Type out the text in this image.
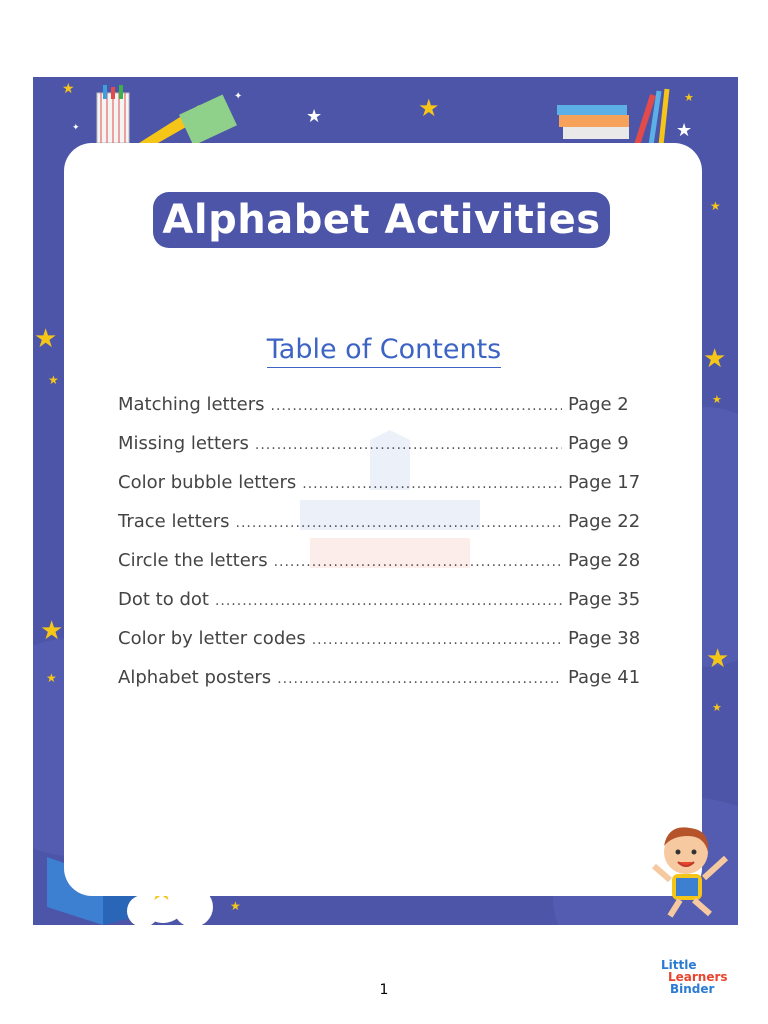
★
✦
✦
★	★	★
★
★
★
★
★
★
★
★
★
★
★
Alphabet Activities
Table of Contents
Matching letters .....	Page 2
Missing letters .....	Page 9
Color bubble letters .....	Page 17
Trace letters .....	Page 22
Circle the letters .....	Page 28
Dot to dot .....	Page 35
Color by letter codes .....	Page 38
Alphabet posters .....	Page 41
Little
Learners
Binder
1
